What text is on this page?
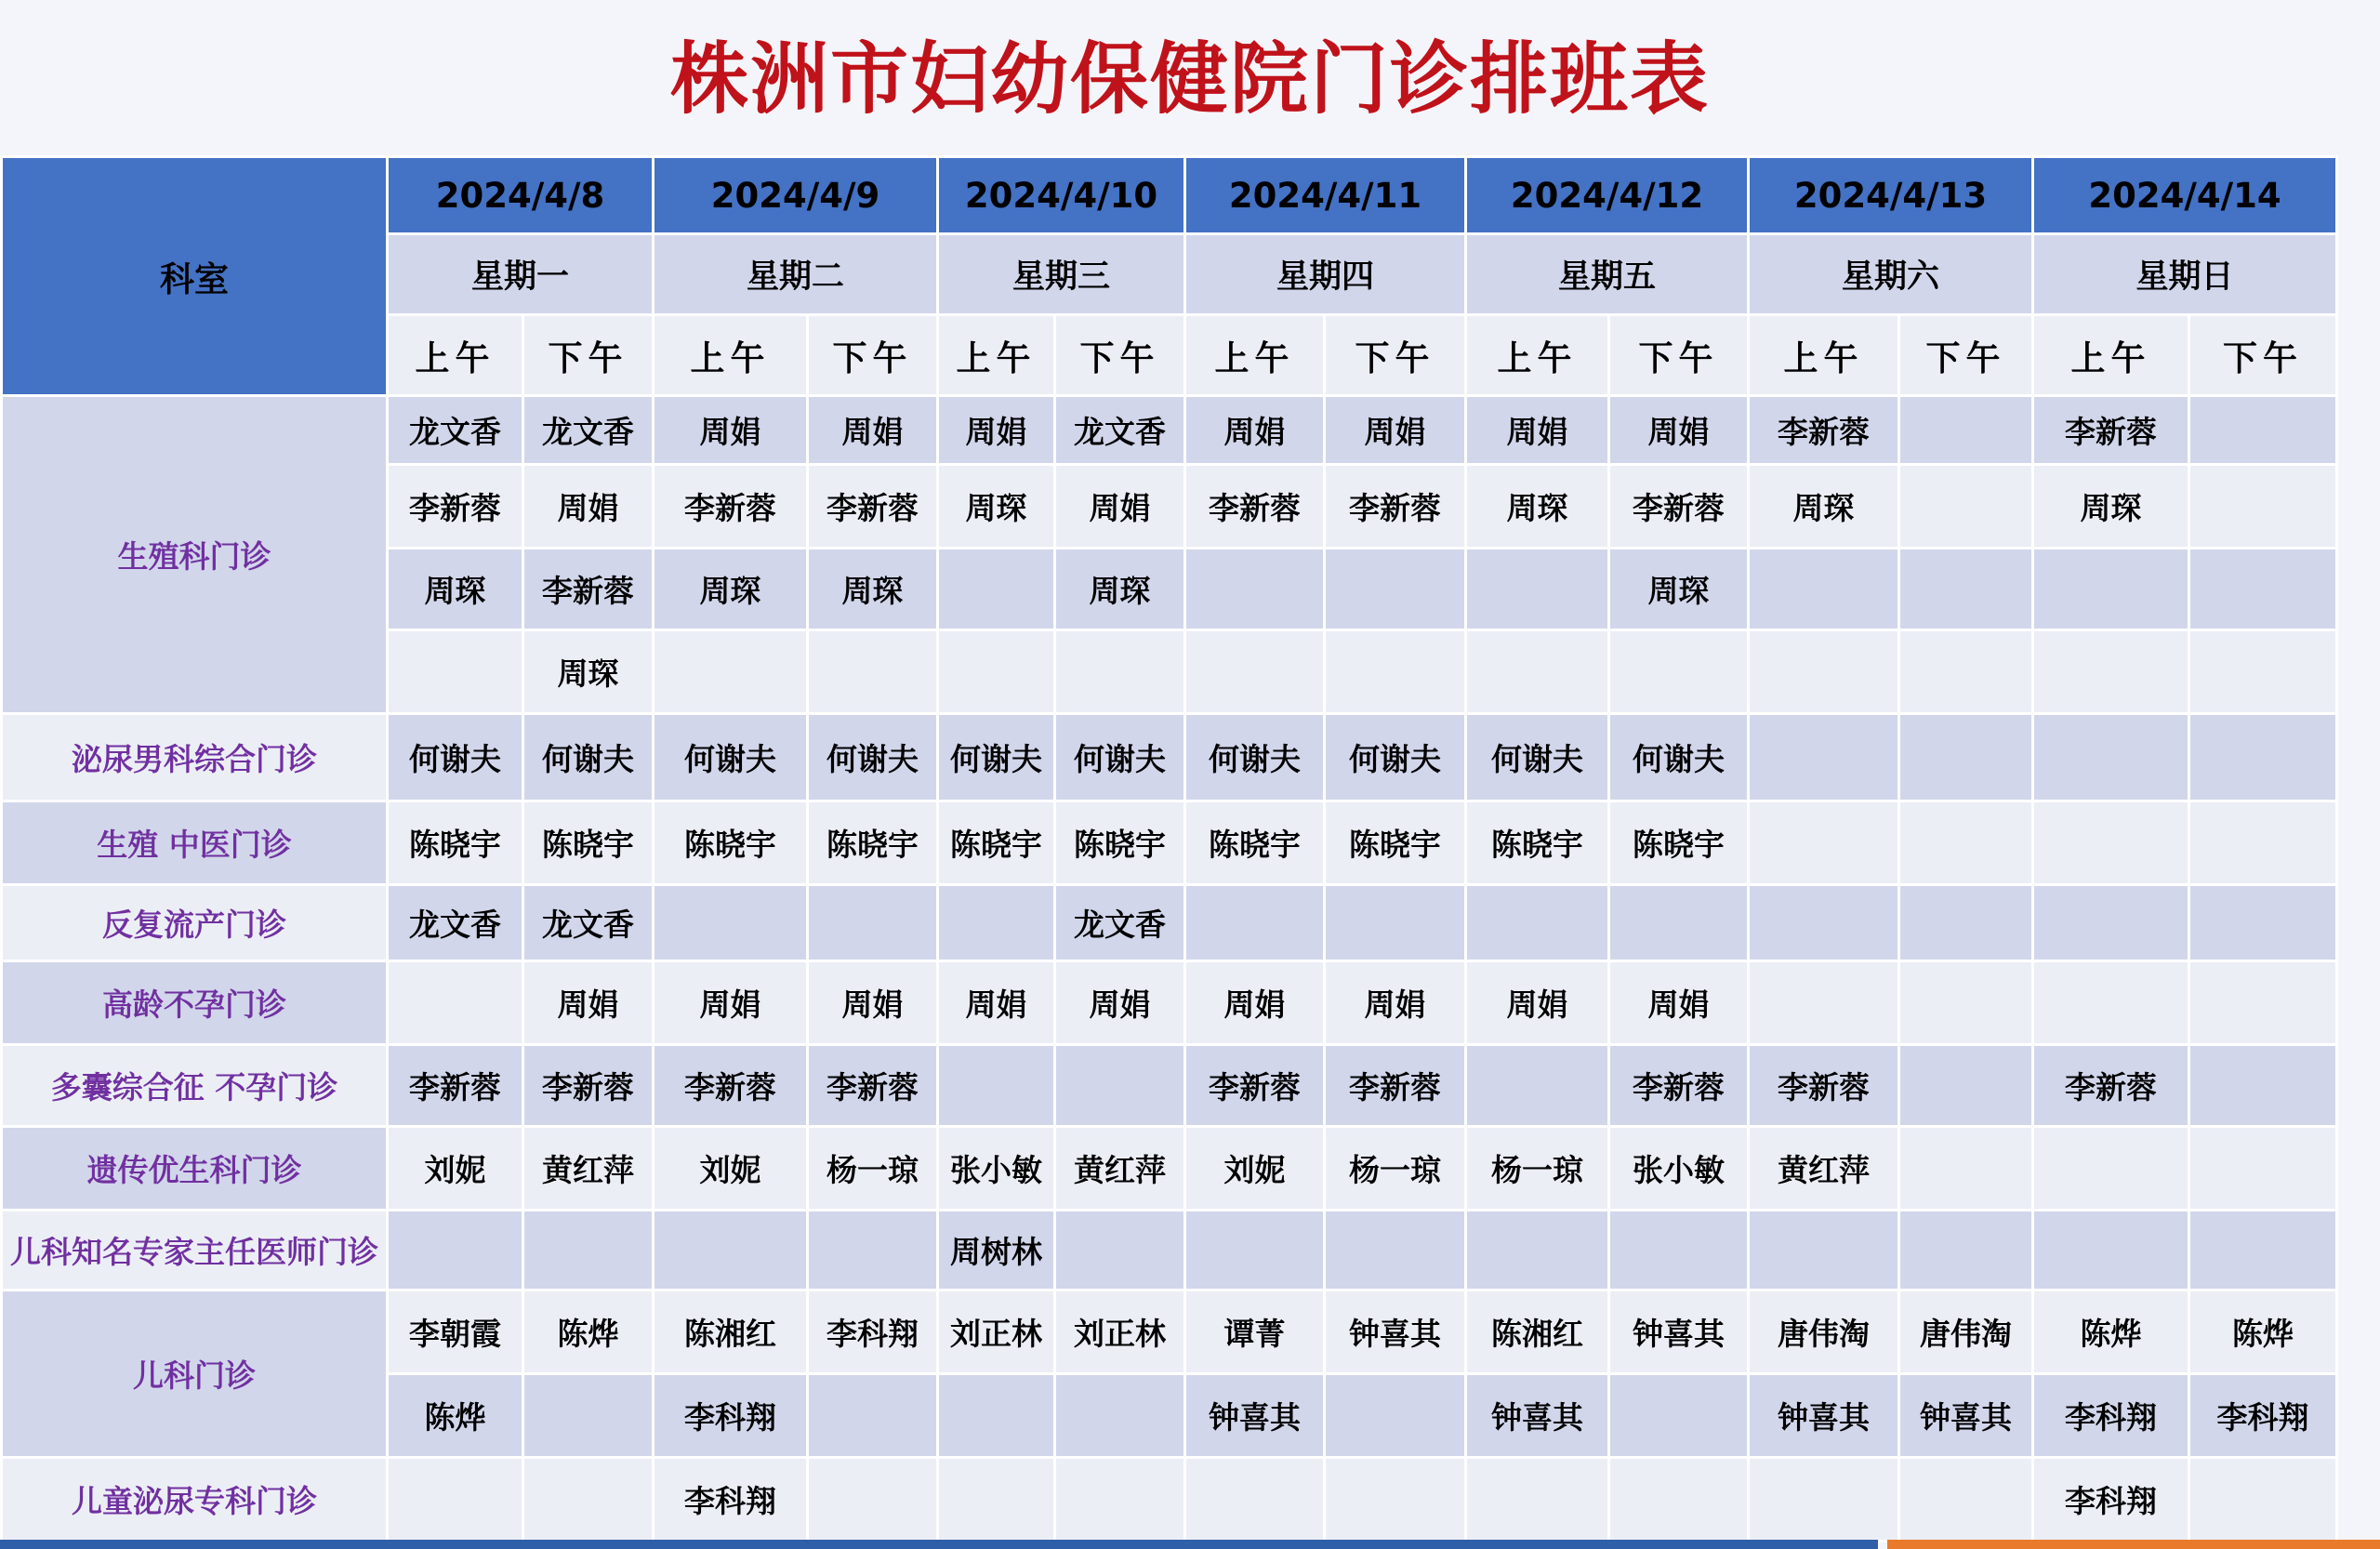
株洲市妇幼保健院门诊排班表
科室	2024/4/8		2024/4/9		2024/4/10		2024/4/11		2024/4/12		2024/4/13		2024/4/14	
	星期一		星期二		星期三		星期四		星期五		星期六		星期日	
	上午	下午	上午	下午	上午	下午	上午	下午	上午	下午	上午	下午	上午	下午
生殖科门诊	龙文香	龙文香	周娟	周娟	周娟	龙文香	周娟	周娟	周娟	周娟	李新蓉		李新蓉	
	李新蓉	周娟	李新蓉	李新蓉	周琛	周娟	李新蓉	李新蓉	周琛	李新蓉	周琛		周琛	
	周琛	李新蓉	周琛	周琛		周琛				周琛				
		周琛												
泌尿男科综合门诊	何谢夫	何谢夫	何谢夫	何谢夫	何谢夫	何谢夫	何谢夫	何谢夫	何谢夫	何谢夫				
生殖 中医门诊	陈晓宇	陈晓宇	陈晓宇	陈晓宇	陈晓宇	陈晓宇	陈晓宇	陈晓宇	陈晓宇	陈晓宇				
反复流产门诊	龙文香	龙文香				龙文香								
高龄不孕门诊		周娟	周娟	周娟	周娟	周娟	周娟	周娟	周娟	周娟				
多囊综合征 不孕门诊	李新蓉	李新蓉	李新蓉	李新蓉			李新蓉	李新蓉		李新蓉	李新蓉		李新蓉	
遗传优生科门诊	刘妮	黄红萍	刘妮	杨一琼	张小敏	黄红萍	刘妮	杨一琼	杨一琼	张小敏	黄红萍			
儿科知名专家主任医师门诊					周树林									
儿科门诊	李朝霞	陈烨	陈湘红	李科翔	刘正林	刘正林	谭菁	钟喜其	陈湘红	钟喜其	唐伟淘	唐伟淘	陈烨	陈烨
	陈烨		李科翔				钟喜其		钟喜其		钟喜其	钟喜其	李科翔	李科翔
儿童泌尿专科门诊			李科翔										李科翔	
